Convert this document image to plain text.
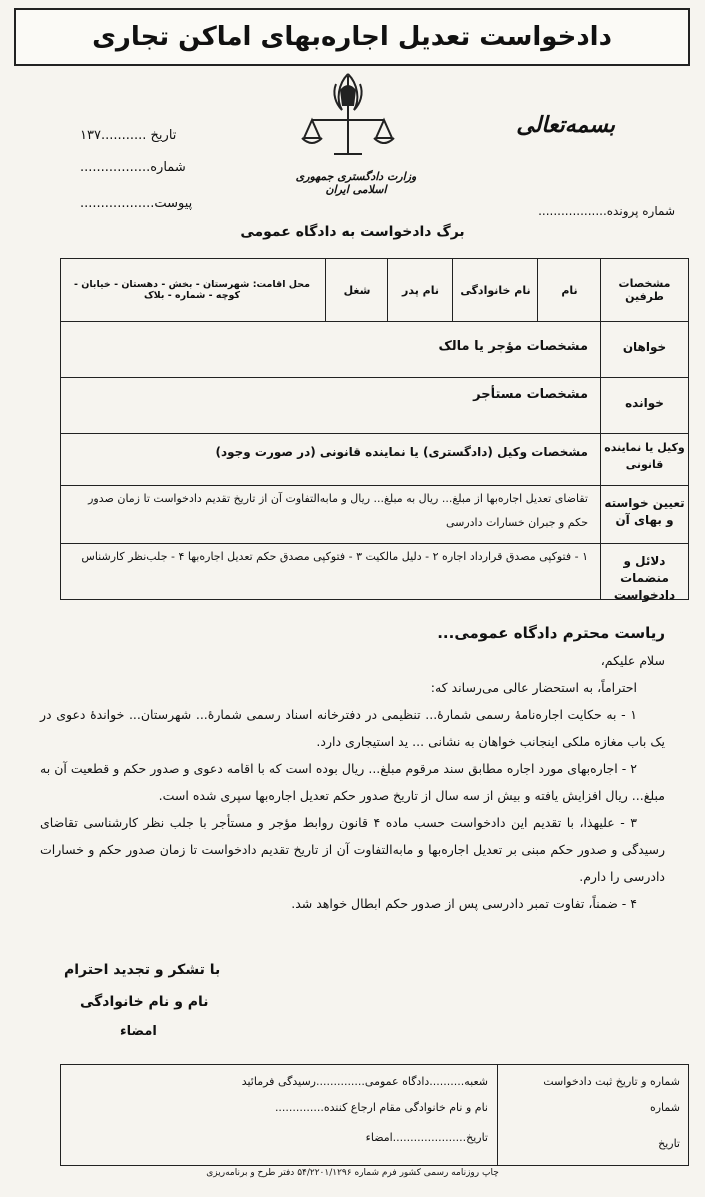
دادخواست تعدیل اجاره‌بهای اماکن تجاری
بسمه‌تعالی
وزارت دادگستری جمهوری اسلامی ایران
تاریخ ...........۱۳۷
شماره.................
پیوست..................	شماره پرونده..................
برگ دادخواست به دادگاه عمومی
مشخصات طرفین
نام
نام خانوادگی
نام پدر
شغل
محل اقامت: شهرستان - بخش - دهستان - خیابان - کوچه - شماره - بلاک
خواهان
مشخصات مؤجر یا مالک
خوانده
مشخصات مستأجر
وکیل یا نماینده قانونی
مشخصات وکیل (دادگستری) یا نماینده قانونی (در صورت وجود)
تعیین خواسته و بهای آن
تقاضای تعدیل اجاره‌بها از مبلغ... ریال به مبلغ... ریال و مابه‌التفاوت آن از تاریخ تقدیم دادخواست تا زمان صدور حکم و جبران خسارات دادرسی
دلائل و منضمات دادخواست
۱ - فتوکپی مصدق قرارداد اجاره ۲ - دلیل مالکیت ۳ - فتوکپی مصدق حکم تعدیل اجاره‌بها ۴ - جلب‌نظر کارشناس

ریاست محترم دادگاه عمومی...

سلام علیکم،

احتراماً، به استحضار عالی می‌رساند که:

۱ - به حکایت اجاره‌نامهٔ رسمی شمارهٔ... تنظیمی در دفترخانه اسناد رسمی شمارهٔ... شهرستان... خواندهٔ دعوی در یک باب مغازه ملکی اینجانب خواهان به نشانی ... ید استیجاری دارد.

۲ - اجاره‌بهای مورد اجاره مطابق سند مرقوم مبلغ... ریال بوده است که با اقامه دعوی و صدور حکم و قطعیت آن به مبلغ... ریال افزایش یافته و بیش از سه سال از تاریخ صدور حکم تعدیل اجاره‌بها سپری شده است.

۳ - علیهذا، با تقدیم این دادخواست حسب ماده ۴ قانون روابط مؤجر و مستأجر با جلب نظر کارشناسی تقاضای رسیدگی و صدور حکم مبنی بر تعدیل اجاره‌بها و مابه‌التفاوت آن از تاریخ تقدیم دادخواست تا زمان صدور حکم و خسارات دادرسی را دارم.

۴ - ضمناً، تفاوت تمبر دادرسی پس از صدور حکم ابطال خواهد شد.

با تشکر و تجدید احترام
نام و نام خانوادگی
امضاء
شماره و تاریخ ثبت دادخواست
شماره
تاریخ
شعبه..........دادگاه عمومی..............رسیدگی فرمائید
نام و نام خانوادگی مقام ارجاع کننده..............
تاریخ.....................امضاء
چاپ روزنامه رسمی کشور فرم شماره ۵۴/۲۲۰۱/۱۲۹۶ دفتر طرح و برنامه‌ریزی
